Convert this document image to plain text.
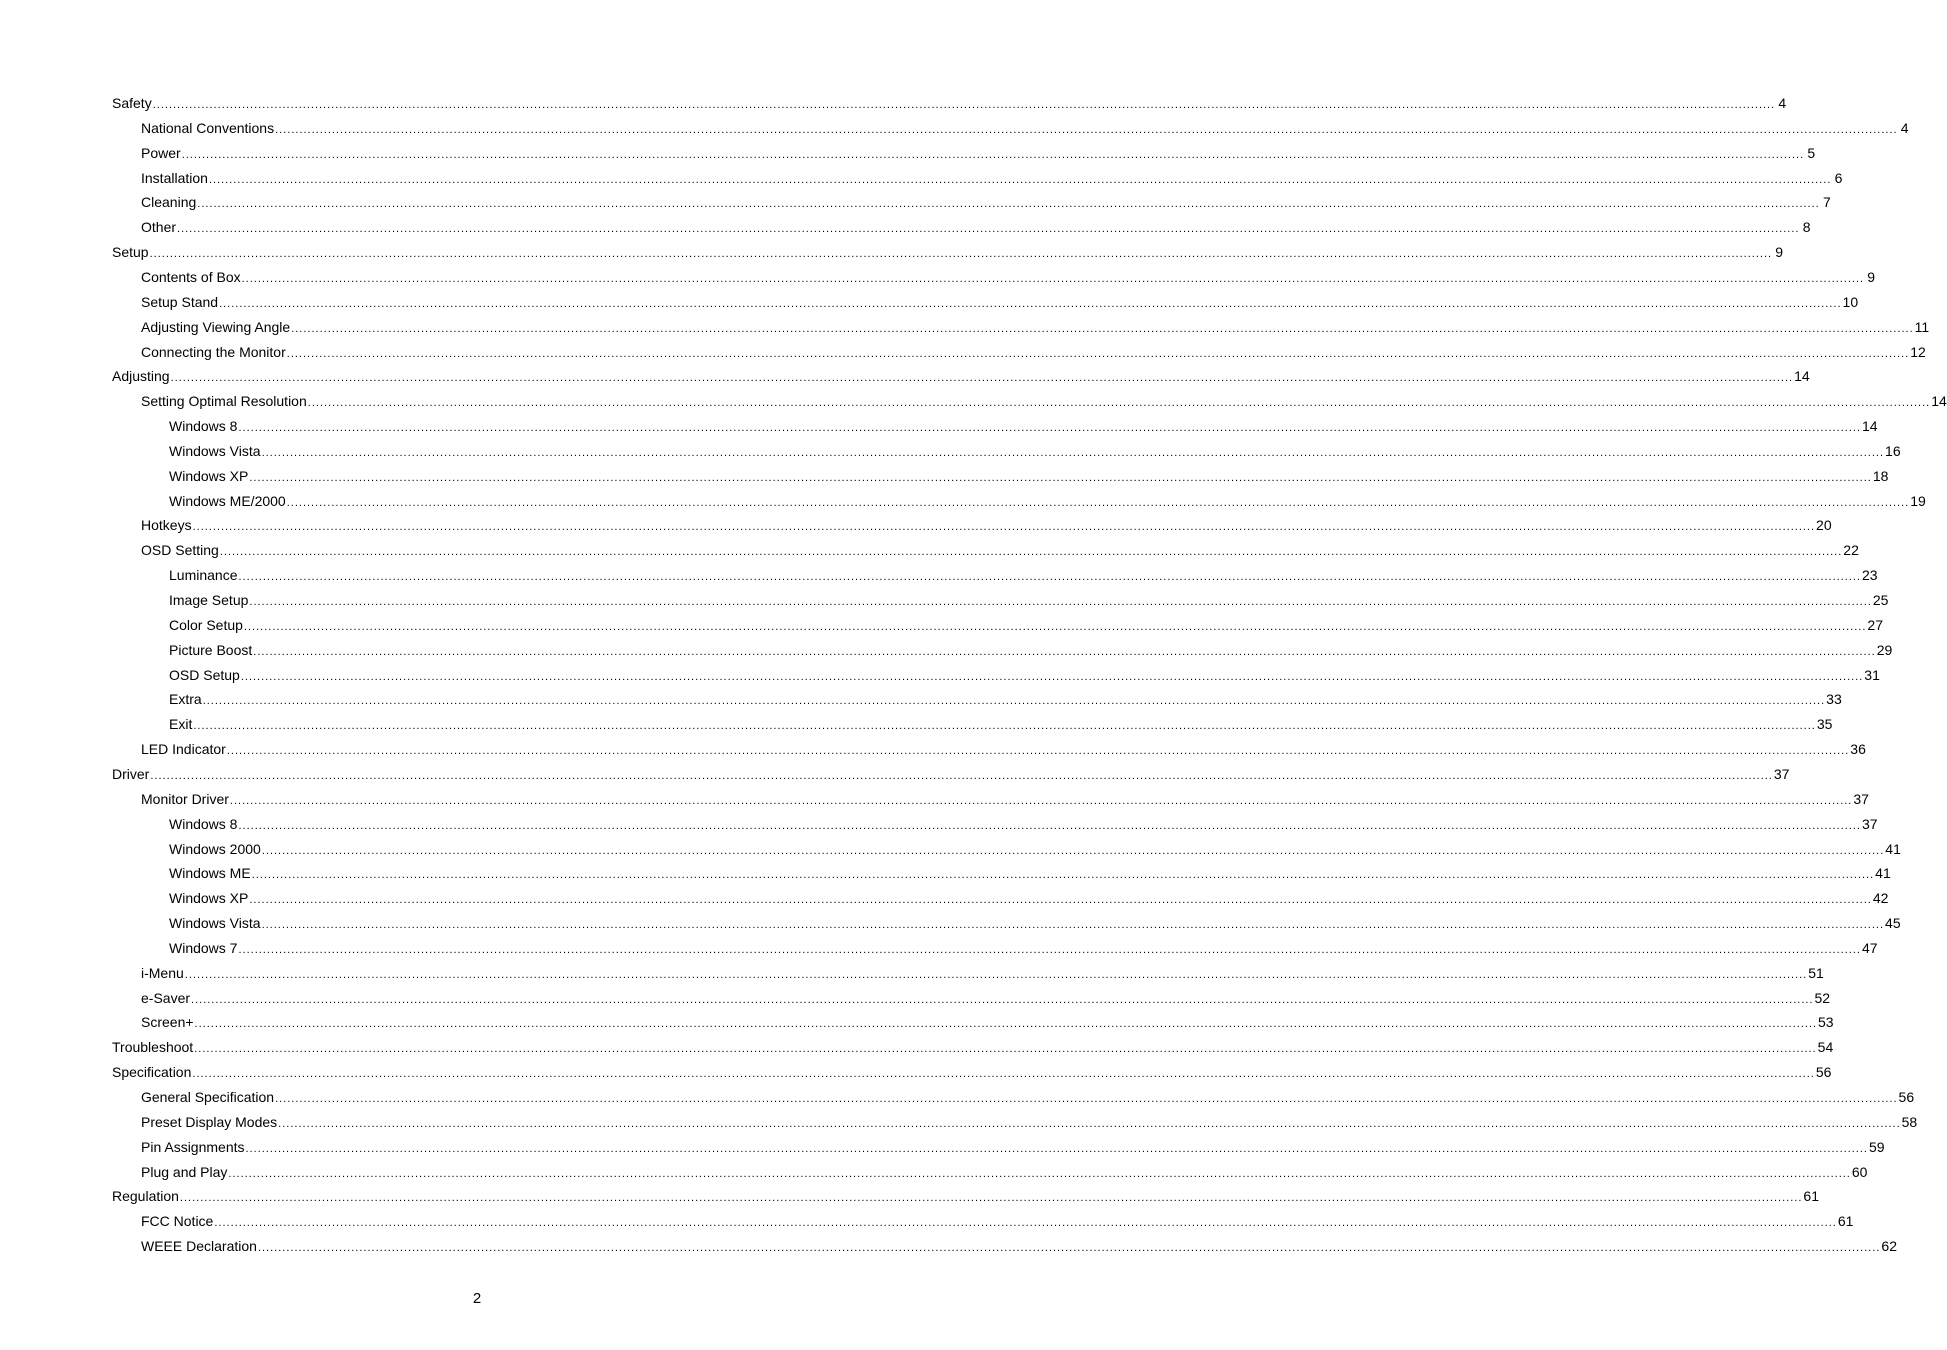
Safety ................................................................................................................................................................................................................................................................................................................................................................................................................ 4
National Conventions ................................................................................................................................................................................................................................................................................................................................................................................................................ 4
Power ................................................................................................................................................................................................................................................................................................................................................................................................................ 5
Installation ................................................................................................................................................................................................................................................................................................................................................................................................................ 6
Cleaning ................................................................................................................................................................................................................................................................................................................................................................................................................ 7
Other ................................................................................................................................................................................................................................................................................................................................................................................................................ 8
Setup ................................................................................................................................................................................................................................................................................................................................................................................................................ 9
Contents of Box ................................................................................................................................................................................................................................................................................................................................................................................................................ 9
Setup Stand ................................................................................................................................................................................................................................................................................................................................................................................................................ 10
Adjusting Viewing Angle ................................................................................................................................................................................................................................................................................................................................................................................................................ 11
Connecting the Monitor ................................................................................................................................................................................................................................................................................................................................................................................................................ 12
Adjusting ................................................................................................................................................................................................................................................................................................................................................................................................................ 14
Setting Optimal Resolution ................................................................................................................................................................................................................................................................................................................................................................................................................ 14
Windows 8 ................................................................................................................................................................................................................................................................................................................................................................................................................ 14
Windows Vista ................................................................................................................................................................................................................................................................................................................................................................................................................ 16
Windows XP ................................................................................................................................................................................................................................................................................................................................................................................................................ 18
Windows ME/2000 ................................................................................................................................................................................................................................................................................................................................................................................................................ 19
Hotkeys ................................................................................................................................................................................................................................................................................................................................................................................................................ 20
OSD Setting ................................................................................................................................................................................................................................................................................................................................................................................................................ 22
Luminance ................................................................................................................................................................................................................................................................................................................................................................................................................ 23
Image Setup ................................................................................................................................................................................................................................................................................................................................................................................................................ 25
Color Setup ................................................................................................................................................................................................................................................................................................................................................................................................................ 27
Picture Boost ................................................................................................................................................................................................................................................................................................................................................................................................................ 29
OSD Setup ................................................................................................................................................................................................................................................................................................................................................................................................................ 31
Extra ................................................................................................................................................................................................................................................................................................................................................................................................................ 33
Exit ................................................................................................................................................................................................................................................................................................................................................................................................................ 35
LED Indicator ................................................................................................................................................................................................................................................................................................................................................................................................................ 36
Driver ................................................................................................................................................................................................................................................................................................................................................................................................................ 37
Monitor Driver ................................................................................................................................................................................................................................................................................................................................................................................................................ 37
Windows 8 ................................................................................................................................................................................................................................................................................................................................................................................................................ 37
Windows 2000 ................................................................................................................................................................................................................................................................................................................................................................................................................ 41
Windows ME ................................................................................................................................................................................................................................................................................................................................................................................................................ 41
Windows XP ................................................................................................................................................................................................................................................................................................................................................................................................................ 42
Windows Vista ................................................................................................................................................................................................................................................................................................................................................................................................................ 45
Windows 7 ................................................................................................................................................................................................................................................................................................................................................................................................................ 47
i-Menu ................................................................................................................................................................................................................................................................................................................................................................................................................ 51
e-Saver ................................................................................................................................................................................................................................................................................................................................................................................................................ 52
Screen+ ................................................................................................................................................................................................................................................................................................................................................................................................................ 53
Troubleshoot ................................................................................................................................................................................................................................................................................................................................................................................................................ 54
Specification ................................................................................................................................................................................................................................................................................................................................................................................................................ 56
General Specification ................................................................................................................................................................................................................................................................................................................................................................................................................ 56
Preset Display Modes ................................................................................................................................................................................................................................................................................................................................................................................................................ 58
Pin Assignments ................................................................................................................................................................................................................................................................................................................................................................................................................ 59
Plug and Play ................................................................................................................................................................................................................................................................................................................................................................................................................ 60
Regulation ................................................................................................................................................................................................................................................................................................................................................................................................................ 61
FCC Notice ................................................................................................................................................................................................................................................................................................................................................................................................................ 61
WEEE Declaration ................................................................................................................................................................................................................................................................................................................................................................................................................ 62
2
